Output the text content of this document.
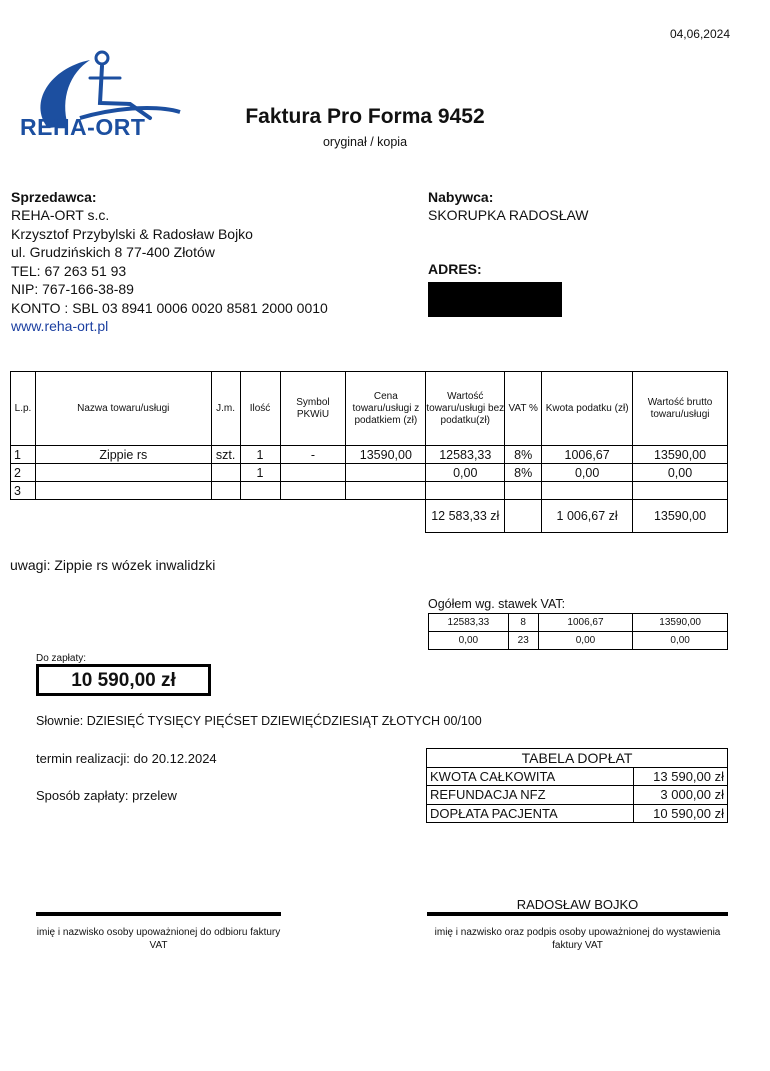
04,06,2024
REHA-ORT	Faktura Pro Forma 9452
oryginał / kopia
Sprzedawca:
REHA-ORT s.c.
Krzysztof Przybylski & Radosław Bojko
ul. Grudzińskich 8 77-400 Złotów
TEL: 67 263 51 93
NIP: 767-166-38-89
KONTO : SBL 03 8941 0006 0020 8581 2000 0010
www.reha-ort.pl
Nabywca:
SKORUPKA RADOSŁAW
ADRES:
L.p.	Nazwa towaru/usługi	J.m.	Ilość	Symbol PKWiU	Cena towaru/usługi z podatkiem (zł)	Wartość towaru/usługi bez podatku(zł)	VAT %	Kwota podatku (zł)	Wartość brutto towaru/usługi
1	Zippie rs	szt.	1	-	13590,00	12583,33	8%	1006,67	13590,00
2			1			0,00	8%	0,00	0,00
3									
						12 583,33 zł		1 006,67 zł	13590,00
uwagi: Zippie rs wózek inwalidzki
Ogółem wg. stawek VAT:
12583,33	8	1006,67	13590,00
0,00	23	0,00	0,00
Do zapłaty:
10 590,00 zł
Słownie: DZIESIĘĆ TYSIĘCY PIĘĆSET DZIEWIĘĆDZIESIĄT ZŁOTYCH 00/100
termin realizacji: do 20.12.2024
Sposób zapłaty: przelew
TABELA DOPŁAT	
KWOTA CAŁKOWITA	13 590,00 zł
REFUNDACJA NFZ	3 000,00 zł
DOPŁATA PACJENTA	10 590,00 zł
RADOSŁAW BOJKO
imię i nazwisko osoby upoważnionej do odbioru faktury VAT
imię i nazwisko oraz podpis osoby upoważnionej do wystawienia faktury VAT
